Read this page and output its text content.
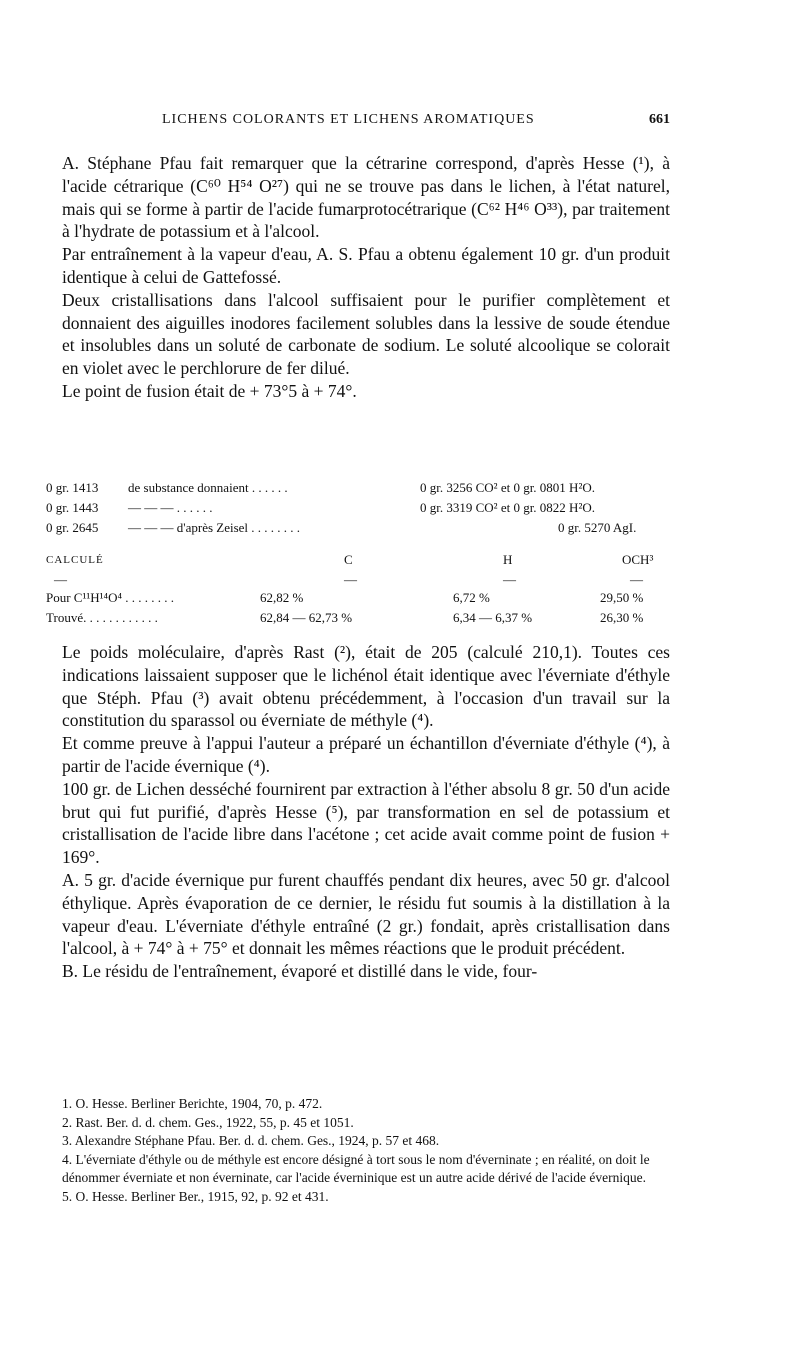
LICHENS COLORANTS ET LICHENS AROMATIQUES	661

A. Stéphane Pfau fait remarquer que la cétrarine correspond, d'après Hesse (¹), à l'acide cétrarique (C⁶⁰ H⁵⁴ O²⁷) qui ne se trouve pas dans le lichen, à l'état naturel, mais qui se forme à partir de l'acide fumarprotocétrarique (C⁶² H⁴⁶ O³³), par traitement à l'hydrate de potassium et à l'alcool.

Par entraînement à la vapeur d'eau, A. S. Pfau a obtenu également 10 gr. d'un produit identique à celui de Gattefossé.

Deux cristallisations dans l'alcool suffisaient pour le purifier complètement et donnaient des aiguilles inodores facilement solubles dans la lessive de soude étendue et insolubles dans un soluté de carbonate de sodium. Le soluté alcoolique se colorait en violet avec le perchlorure de fer dilué.

Le point de fusion était de + 73°5 à + 74°.

0 gr. 1413 de substance donnaient . . . . . .	0 gr. 3256 CO² et 0 gr. 0801 H²O.
0 gr. 1443 — — — . . . . . .	0 gr. 3319 CO² et 0 gr. 0822 H²O.
0 gr. 2645 — — — d'après Zeisel . . . . . . . .	0 gr. 5270 AgI.
CALCULÉ	C	H	OCH³
—	—	—	—
Pour C¹¹H¹⁴O⁴ . . . . . . . .	62,82 %	6,72 %	29,50 %
Trouvé. . . . . . . . . . . .	62,84 — 62,73 %	6,34 — 6,37 %	26,30 %

Le poids moléculaire, d'après Rast (²), était de 205 (calculé 210,1). Toutes ces indications laissaient supposer que le lichénol était identique avec l'éverniate d'éthyle que Stéph. Pfau (³) avait obtenu précédemment, à l'occasion d'un travail sur la constitution du sparassol ou éverniate de méthyle (⁴).

Et comme preuve à l'appui l'auteur a préparé un échantillon d'éverniate d'éthyle (⁴), à partir de l'acide évernique (⁴).

100 gr. de Lichen desséché fournirent par extraction à l'éther absolu 8 gr. 50 d'un acide brut qui fut purifié, d'après Hesse (⁵), par transformation en sel de potassium et cristallisation de l'acide libre dans l'acétone ; cet acide avait comme point de fusion + 169°.

A. 5 gr. d'acide évernique pur furent chauffés pendant dix heures, avec 50 gr. d'alcool éthylique. Après évaporation de ce dernier, le résidu fut soumis à la distillation à la vapeur d'eau. L'éverniate d'éthyle entraîné (2 gr.) fondait, après cristallisation dans l'alcool, à + 74° à + 75° et donnait les mêmes réactions que le produit précédent.

B. Le résidu de l'entraînement, évaporé et distillé dans le vide, four-

1. O. Hesse. Berliner Berichte, 1904, 70, p. 472.

2. Rast. Ber. d. d. chem. Ges., 1922, 55, p. 45 et 1051.

3. Alexandre Stéphane Pfau. Ber. d. d. chem. Ges., 1924, p. 57 et 468.

4. L'éverniate d'éthyle ou de méthyle est encore désigné à tort sous le nom d'éverninate ; en réalité, on doit le dénommer éverniate et non éverninate, car l'acide éverninique est un autre acide dérivé de l'acide évernique.

5. O. Hesse. Berliner Ber., 1915, 92, p. 92 et 431.
